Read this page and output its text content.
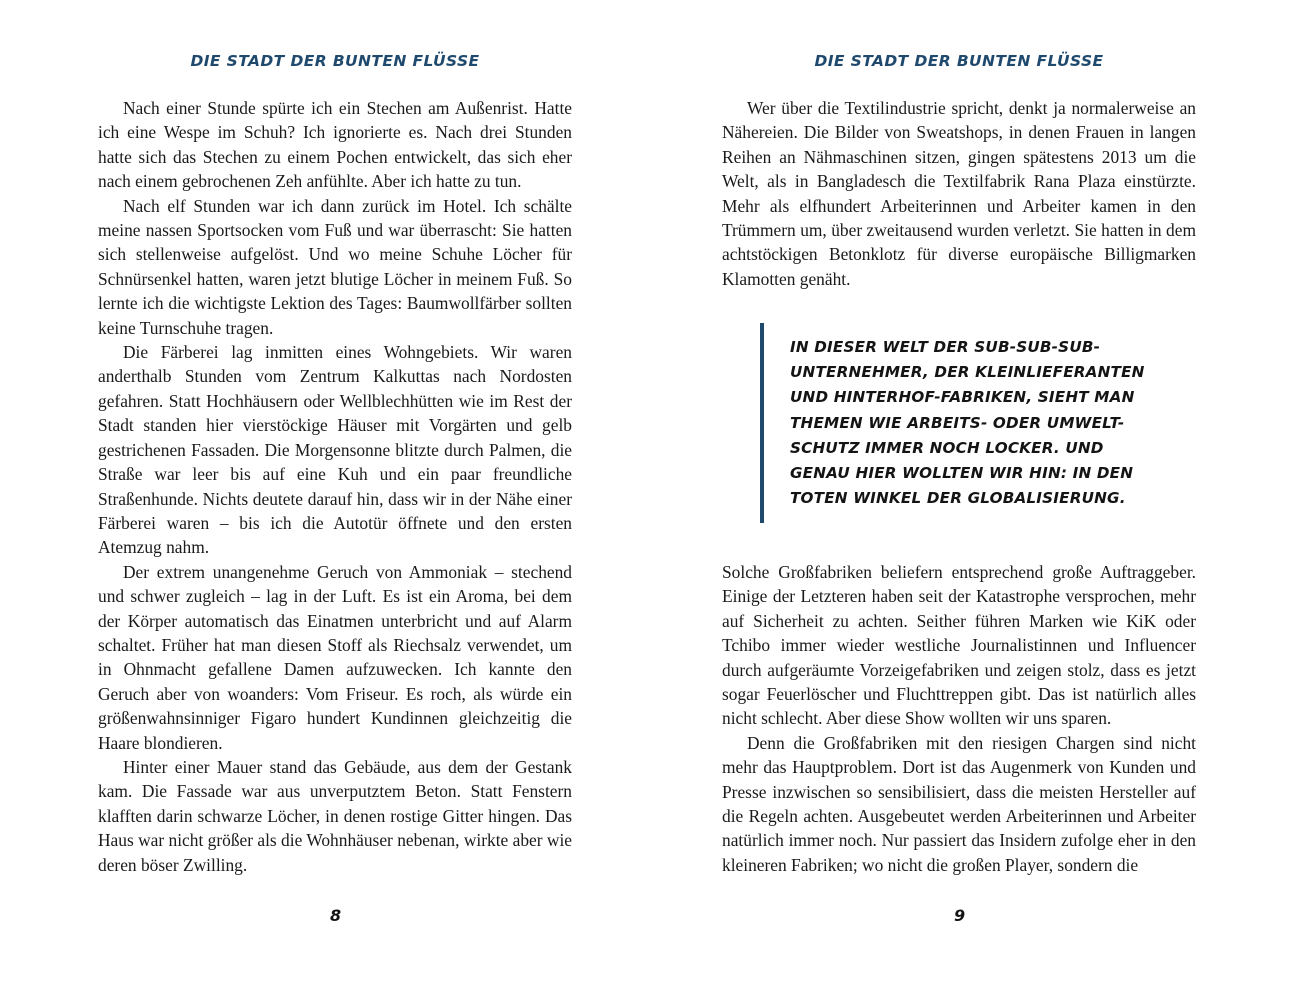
DIE STADT DER BUNTEN FLÜSSE

Nach einer Stunde spürte ich ein Stechen am Außenrist. Hatte ich eine Wespe im Schuh? Ich ignorierte es. Nach drei Stunden hatte sich das Stechen zu einem Pochen entwickelt, das sich eher nach einem gebrochenen Zeh anfühlte. Aber ich hatte zu tun.

Nach elf Stunden war ich dann zurück im Hotel. Ich schälte meine nassen Sportsocken vom Fuß und war überrascht: Sie hatten sich stellenweise aufgelöst. Und wo meine Schuhe Löcher für Schnürsenkel hatten, waren jetzt blutige Löcher in meinem Fuß. So lernte ich die wichtigste Lektion des Tages: Baumwollfärber sollten keine Turnschuhe tragen.

Die Färberei lag inmitten eines Wohngebiets. Wir waren anderthalb Stunden vom Zentrum Kalkuttas nach Nordosten gefahren. Statt Hochhäusern oder Wellblechhütten wie im Rest der Stadt standen hier vierstöckige Häuser mit Vorgärten und gelb gestrichenen Fassaden. Die Morgensonne blitzte durch Palmen, die Straße war leer bis auf eine Kuh und ein paar freundliche Straßenhunde. Nichts deutete darauf hin, dass wir in der Nähe einer Färberei waren – bis ich die Autotür öffnete und den ersten Atemzug nahm.

Der extrem unangenehme Geruch von Ammoniak – stechend und schwer zugleich – lag in der Luft. Es ist ein Aroma, bei dem der Körper automatisch das Einatmen unterbricht und auf Alarm schaltet. Früher hat man diesen Stoff als Riechsalz verwendet, um in Ohnmacht gefallene Damen aufzuwecken. Ich kannte den Geruch aber von woanders: Vom Friseur. Es roch, als würde ein größenwahnsinniger Figaro hundert Kundinnen gleichzeitig die Haare blondieren.

Hinter einer Mauer stand das Gebäude, aus dem der Gestank kam. Die Fassade war aus unverputztem Beton. Statt Fenstern klafften darin schwarze Löcher, in denen rostige Gitter hingen. Das Haus war nicht größer als die Wohnhäuser nebenan, wirkte aber wie deren böser Zwilling.

8
DIE STADT DER BUNTEN FLÜSSE

Wer über die Textilindustrie spricht, denkt ja normalerweise an Nähereien. Die Bilder von Sweatshops, in denen Frauen in langen Reihen an Nähmaschinen sitzen, gingen spätestens 2013 um die Welt, als in Bangladesch die Textilfabrik Rana Plaza einstürzte. Mehr als elfhundert Arbeiterinnen und Arbeiter kamen in den Trümmern um, über zweitausend wurden verletzt. Sie hatten in dem achtstöckigen Betonklotz für diverse europäische Billigmarken Klamotten genäht.

IN DIESER WELT DER SUB-SUB-SUB-
UNTERNEHMER, DER KLEINLIEFERANTEN
UND HINTERHOF-FABRIKEN, SIEHT MAN
THEMEN WIE ARBEITS- ODER UMWELT-
SCHUTZ IMMER NOCH LOCKER. UND
GENAU HIER WOLLTEN WIR HIN: IN DEN
TOTEN WINKEL DER GLOBALISIERUNG.

Solche Großfabriken beliefern entsprechend große Auftraggeber. Einige der Letzteren haben seit der Katastrophe versprochen, mehr auf Sicherheit zu achten. Seither führen Marken wie KiK oder Tchibo immer wieder westliche Journalistinnen und Influencer durch aufgeräumte Vorzeigefabriken und zeigen stolz, dass es jetzt sogar Feuerlöscher und Fluchttreppen gibt. Das ist natürlich alles nicht schlecht. Aber diese Show wollten wir uns sparen.

Denn die Großfabriken mit den riesigen Chargen sind nicht mehr das Hauptproblem. Dort ist das Augenmerk von Kunden und Presse inzwischen so sensibilisiert, dass die meisten Hersteller auf die Regeln achten. Ausgebeutet werden Arbeiterinnen und Arbeiter natürlich immer noch. Nur passiert das Insidern zufolge eher in den kleineren Fabriken; wo nicht die großen Player, sondern die

9
